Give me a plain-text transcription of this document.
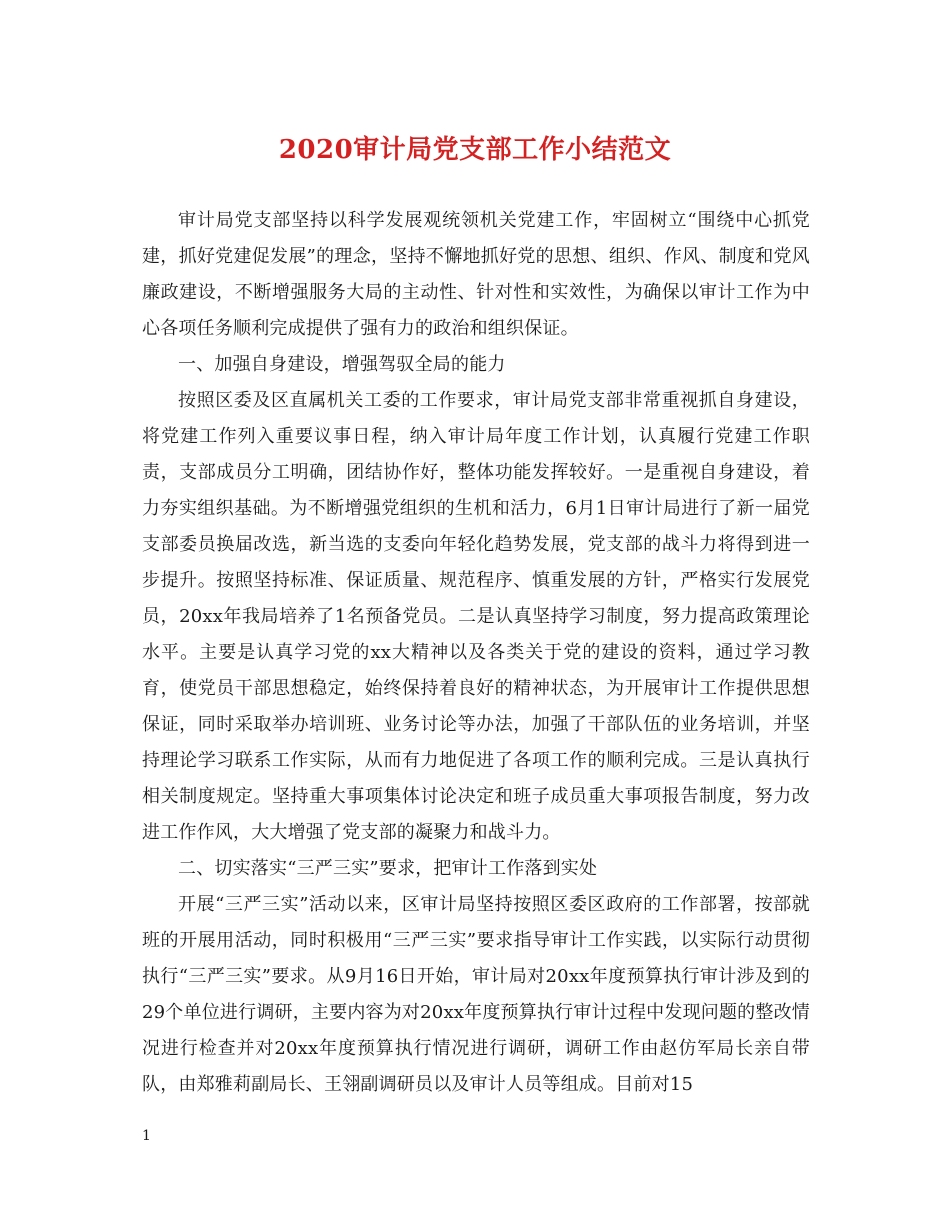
2020审计局党支部工作小结范文

审计局党支部坚持以科学发展观统领机关党建工作，牢固树立“围绕中心抓党建，抓好党建促发展”的理念，坚持不懈地抓好党的思想、组织、作风、制度和党风廉政建设，不断增强服务大局的主动性、针对性和实效性，为确保以审计工作为中心各项任务顺利完成提供了强有力的政治和组织保证。

一、加强自身建设，增强驾驭全局的能力

按照区委及区直属机关工委的工作要求，审计局党支部非常重视抓自身建设，将党建工作列入重要议事日程，纳入审计局年度工作计划，认真履行党建工作职责，支部成员分工明确，团结协作好，整体功能发挥较好。一是重视自身建设，着力夯实组织基础。为不断增强党组织的生机和活力，6月1日审计局进行了新一届党支部委员换届改选，新当选的支委向年轻化趋势发展，党支部的战斗力将得到进一步提升。按照坚持标准、保证质量、规范程序、慎重发展的方针，严格实行发展党员，20xx年我局培养了1名预备党员。二是认真坚持学习制度，努力提高政策理论水平。主要是认真学习党的xx大精神以及各类关于党的建设的资料，通过学习教育，使党员干部思想稳定，始终保持着良好的精神状态，为开展审计工作提供思想保证，同时采取举办培训班、业务讨论等办法，加强了干部队伍的业务培训，并坚持理论学习联系工作实际，从而有力地促进了各项工作的顺利完成。三是认真执行相关制度规定。坚持重大事项集体讨论决定和班子成员重大事项报告制度，努力改进工作作风，大大增强了党支部的凝聚力和战斗力。

二、切实落实“三严三实”要求，把审计工作落到实处

开展“三严三实”活动以来，区审计局坚持按照区委区政府的工作部署，按部就班的开展用活动，同时积极用“三严三实”要求指导审计工作实践，以实际行动贯彻执行“三严三实”要求。从9月16日开始，审计局对20xx年度预算执行审计涉及到的29个单位进行调研，主要内容为对20xx年度预算执行审计过程中发现问题的整改情况进行检查并对20xx年度预算执行情况进行调研，调研工作由赵仿军局长亲自带队，由郑雅莉副局长、王翎副调研员以及审计人员等组成。目前对15

1
